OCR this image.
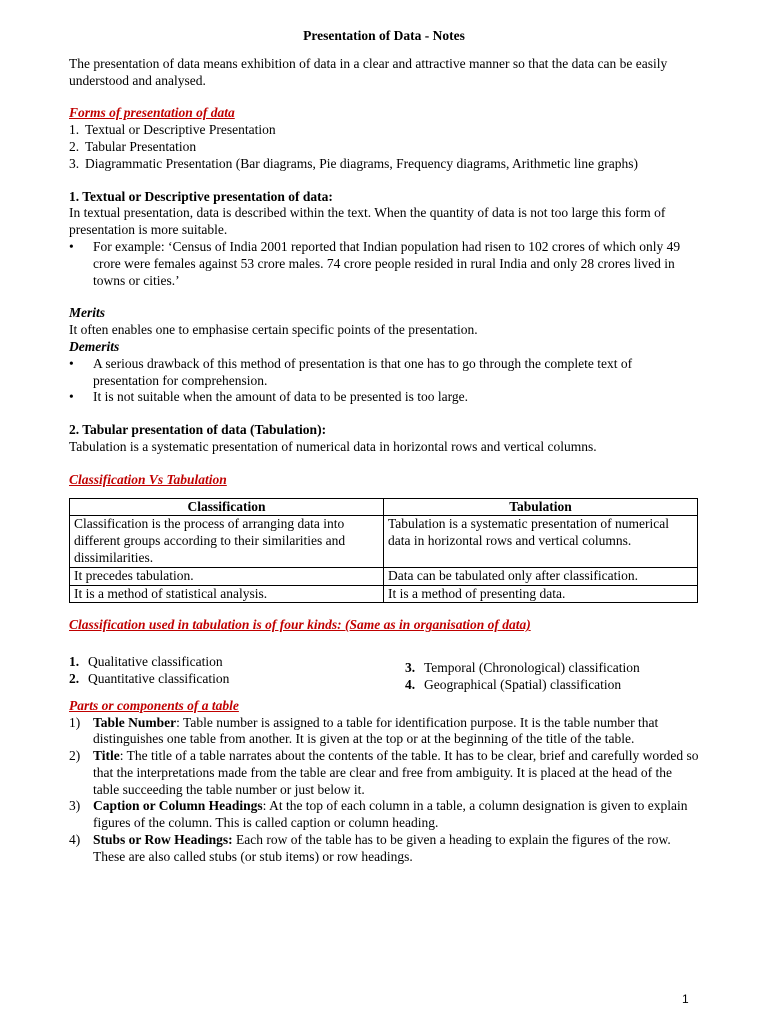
Presentation of Data - Notes

The presentation of data means exhibition of data in a clear and attractive manner so that the data can be easily understood and analysed.

Forms of presentation of data
1. Textual or Descriptive Presentation
2. Tabular Presentation
3. Diagrammatic Presentation (Bar diagrams, Pie diagrams, Frequency diagrams, Arithmetic line graphs)
1. Textual or Descriptive presentation of data:

In textual presentation, data is described within the text. When the quantity of data is not too large this form of presentation is more suitable.

• For example: ‘Census of India 2001 reported that Indian population had risen to 102 crores of which only 49 crore were females against 53 crore males. 74 crore people resided in rural India and only 28 crores lived in towns or cities.’
Merits

It often enables one to emphasise certain specific points of the presentation.

Demerits
• A serious drawback of this method of presentation is that one has to go through the complete text of presentation for comprehension.
• It is not suitable when the amount of data to be presented is too large.
2. Tabular presentation of data (Tabulation):

Tabulation is a systematic presentation of numerical data in horizontal rows and vertical columns.

Classification Vs Tabulation
Classification	Tabulation
Classification is the process of arranging data into different groups according to their similarities and dissimilarities.	Tabulation is a systematic presentation of numerical data in horizontal rows and vertical columns.
It precedes tabulation.	Data can be tabulated only after classification.
It is a method of statistical analysis.	It is a method of presenting data.
Classification used in tabulation is of four kinds: (Same as in organisation of data)
1. Qualitative classification
2. Quantitative classification
3. Temporal (Chronological) classification
4. Geographical (Spatial) classification
Parts or components of a table
1) Table Number: Table number is assigned to a table for identification purpose. It is the table number that distinguishes one table from another. It is given at the top or at the beginning of the title of the table.
2) Title: The title of a table narrates about the contents of the table. It has to be clear, brief and carefully worded so that the interpretations made from the table are clear and free from ambiguity. It is placed at the head of the table succeeding the table number or just below it.
3) Caption or Column Headings: At the top of each column in a table, a column designation is given to explain figures of the column. This is called caption or column heading.
4) Stubs or Row Headings: Each row of the table has to be given a heading to explain the figures of the row. These are also called stubs (or stub items) or row headings.
1
